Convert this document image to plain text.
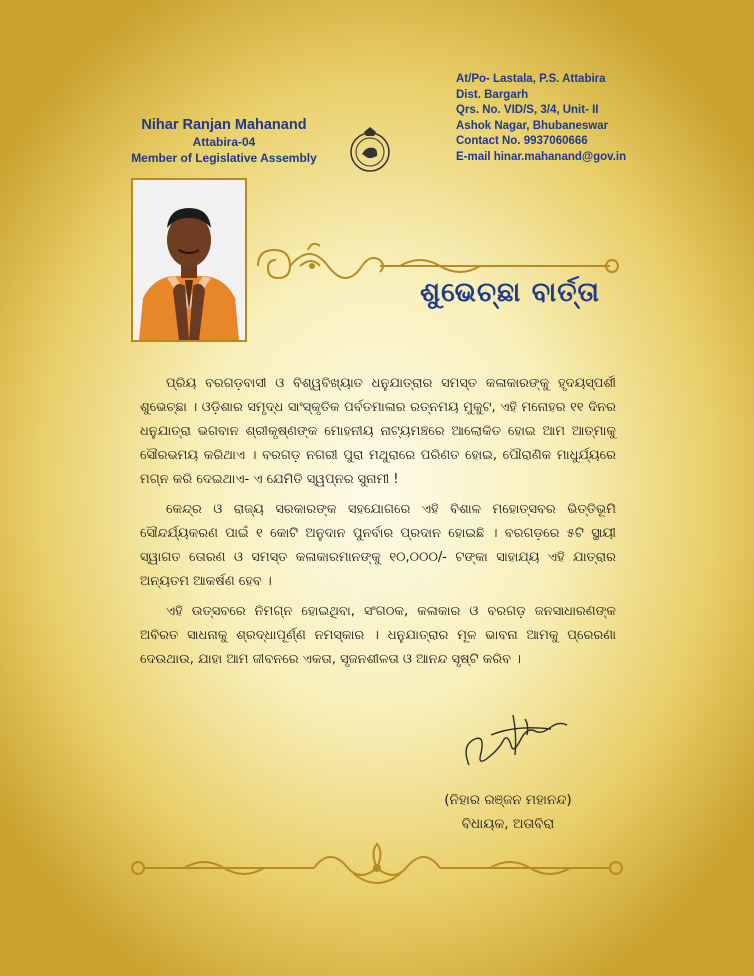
Nihar Ranjan Mahanand
Attabira-04
Member of Legislative Assembly
At/Po- Lastala, P.S. Attabira
Dist. Bargarh
Qrs. No. VID/S, 3/4, Unit- II
Ashok Nagar, Bhubaneswar
Contact No. 9937060666
E-mail hinar.mahanand@gov.in
ଶୁଭେଚ୍ଛା ବାର୍ତ୍ତା

ପ୍ରିୟ ବରଗଡ଼ବାସୀ ଓ ବିଶ୍ୱବିଖ୍ୟାତ ଧନୁଯାତ୍ରାର ସମସ୍ତ କଳାକାରଙ୍କୁ ହୃଦୟସ୍ପର୍ଶୀ ଶୁଭେଚ୍ଛା । ଓଡ଼ିଶାର ସମୃଦ୍ଧ ସାଂସ୍କୃତିକ ପର୍ବତମାଳାର ରତ୍ନମୟ ମୁକୁଟ, ଏହି ମନୋହର ୧୧ ଦିନର ଧନୁଯାତ୍ରା ଭଗବାନ ଶ୍ରୀକୃଷ୍ଣଙ୍କ ମୋହନୀୟ ନାଟ୍ୟମଞ୍ଚରେ ଆଲୋକିତ ହୋଇ ଆମ ଆତ୍ମାକୁ ସୌରଭମୟ କରିଥାଏ । ବରଗଡ଼ ନଗରୀ ପୁରା ମଥୁରାରେ ପରିଣତ ହୋଇ, ପୌରାଣିକ ମାଧୁର୍ଯ୍ୟରେ ମଗ୍ନ କରି ଦେଇଥାଏ- ଏ ଯେମିତି ସ୍ୱପ୍ନର ସୁନାମୀ !

କେନ୍ଦ୍ର ଓ ରାଜ୍ୟ ସରକାରଙ୍କ ସହଯୋଗରେ ଏହି ବିଶାଳ ମହୋତ୍ସବର ଭିତ୍ତିଭୂମି ସୌନ୍ଦର୍ଯ୍ୟକରଣ ପାଇଁ ୧ କୋଟି ଅନୁଦାନ ପୁନର୍ବାର ପ୍ରଦାନ ହୋଇଛି । ବରଗଡ଼ରେ ୫ଟି ସ୍ଥାୟୀ ସ୍ୱାଗତ ତୋରଣ ଓ ସମସ୍ତ କଳାକାରମାନଙ୍କୁ ୧୦,୦୦୦/- ଟଙ୍କା ସାହାଯ୍ୟ ଏହି ଯାତ୍ରାର ଅନ୍ୟତମ ଆକର୍ଷଣ ହେବ ।

ଏହି ଉତ୍ସବରେ ନିମଗ୍ନ ହୋଇଥିବା, ସଂଗଠକ, କଳାକାର ଓ ବରଗଡ଼ ଜନସାଧାରଣଙ୍କ ଅବିରତ ସାଧନାକୁ ଶ୍ରଦ୍ଧାପୂର୍ଣ୍ଣ ନମସ୍କାର । ଧନୁଯାତ୍ରାର ମୂଳ ଭାବନା ଆମକୁ ପ୍ରେରଣା ଦେଉଥାଉ, ଯାହା ଆମ ଜୀବନରେ ଏକତା, ସୃଜନଶୀଳତା ଓ ଆନନ୍ଦ ସୃଷ୍ଟି କରିବ ।

(ନିହାର ରଞ୍ଜନ ମହାନନ୍ଦ)
ବିଧାୟକ, ଅତାବିରା
